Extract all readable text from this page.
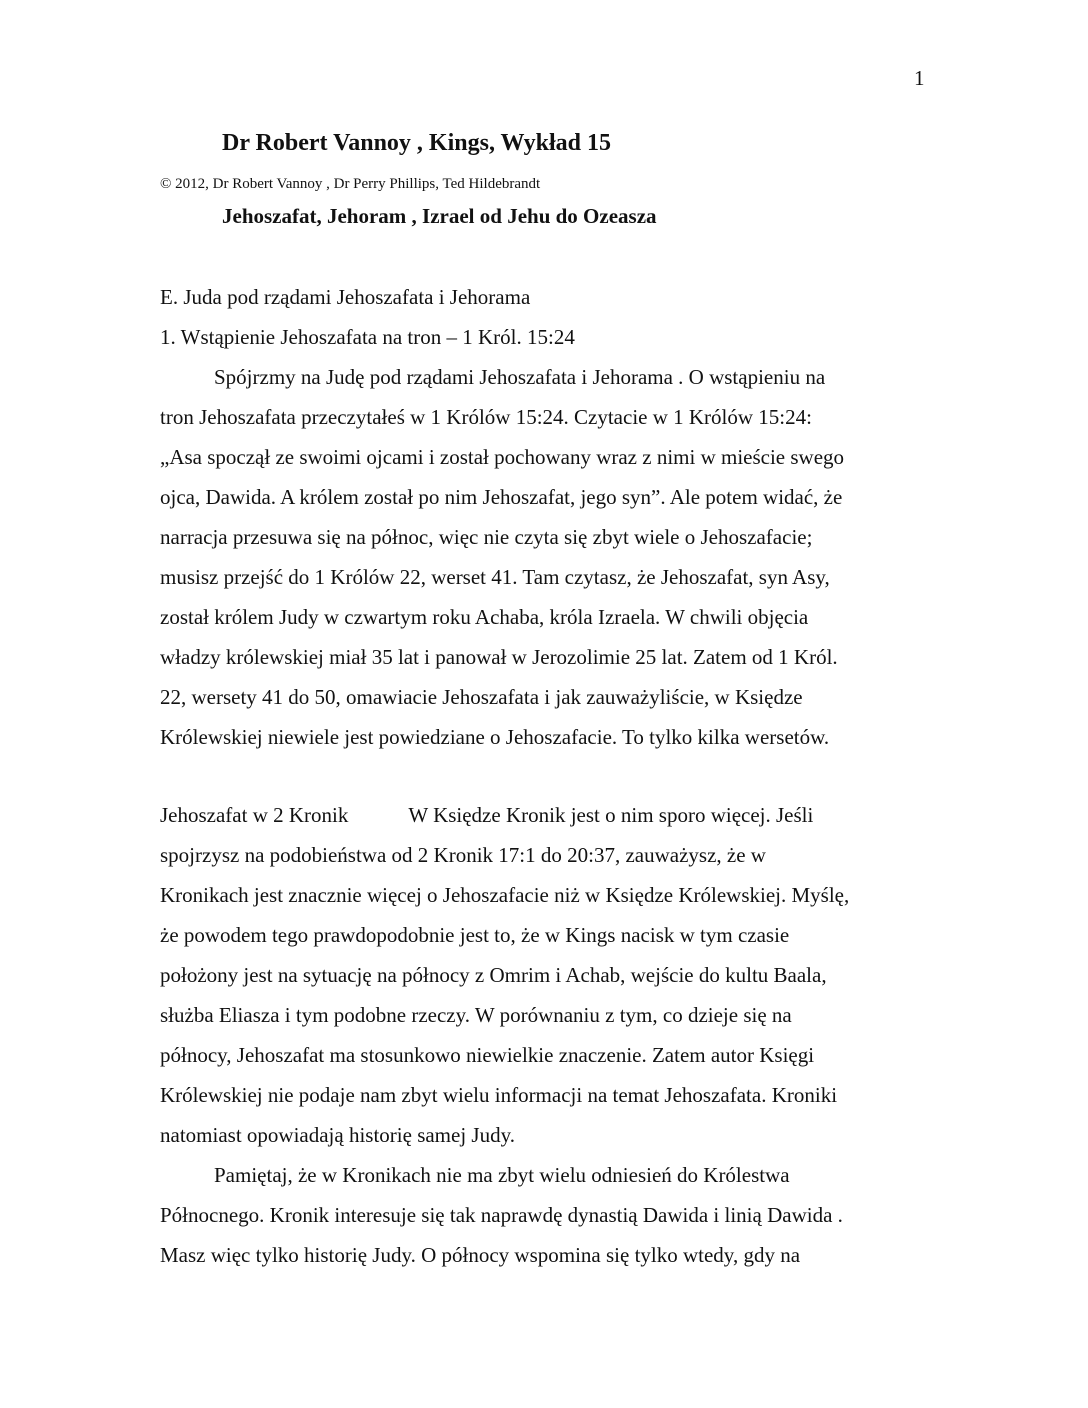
1
Dr Robert Vannoy , Kings, Wykład 15
© 2012, Dr Robert Vannoy , Dr Perry Phillips, Ted Hildebrandt
Jehoszafat, Jehoram , Izrael od Jehu do Ozeasza
E. Juda pod rządami Jehoszafata i Jehorama
1. Wstąpienie Jehoszafata na tron – 1 Król. 15:24
Spójrzmy na Judę pod rządami Jehoszafata i Jehorama . O wstąpieniu na
tron Jehoszafata przeczytałeś w 1 Królów 15:24. Czytacie w 1 Królów 15:24:
„Asa spoczął ze swoimi ojcami i został pochowany wraz z nimi w mieście swego
ojca, Dawida. A królem został po nim Jehoszafat, jego syn”. Ale potem widać, że
narracja przesuwa się na północ, więc nie czyta się zbyt wiele o Jehoszafacie;
musisz przejść do 1 Królów 22, werset 41. Tam czytasz, że Jehoszafat, syn Asy,
został królem Judy w czwartym roku Achaba, króla Izraela. W chwili objęcia
władzy królewskiej miał 35 lat i panował w Jerozolimie 25 lat. Zatem od 1 Król.
22, wersety 41 do 50, omawiacie Jehoszafata i jak zauważyliście, w Księdze
Królewskiej niewiele jest powiedziane o Jehoszafacie. To tylko kilka wersetów.
Jehoszafat w 2 Kronik	W Księdze Kronik jest o nim sporo więcej. Jeśli
spojrzysz na podobieństwa od 2 Kronik 17:1 do 20:37, zauważysz, że w
Kronikach jest znacznie więcej o Jehoszafacie niż w Księdze Królewskiej. Myślę,
że powodem tego prawdopodobnie jest to, że w Kings nacisk w tym czasie
położony jest na sytuację na północy z Omrim i Achab, wejście do kultu Baala,
służba Eliasza i tym podobne rzeczy. W porównaniu z tym, co dzieje się na
północy, Jehoszafat ma stosunkowo niewielkie znaczenie. Zatem autor Księgi
Królewskiej nie podaje nam zbyt wielu informacji na temat Jehoszafata. Kroniki
natomiast opowiadają historię samej Judy.
Pamiętaj, że w Kronikach nie ma zbyt wielu odniesień do Królestwa
Północnego. Kronik interesuje się tak naprawdę dynastią Dawida i linią Dawida .
Masz więc tylko historię Judy. O północy wspomina się tylko wtedy, gdy na
